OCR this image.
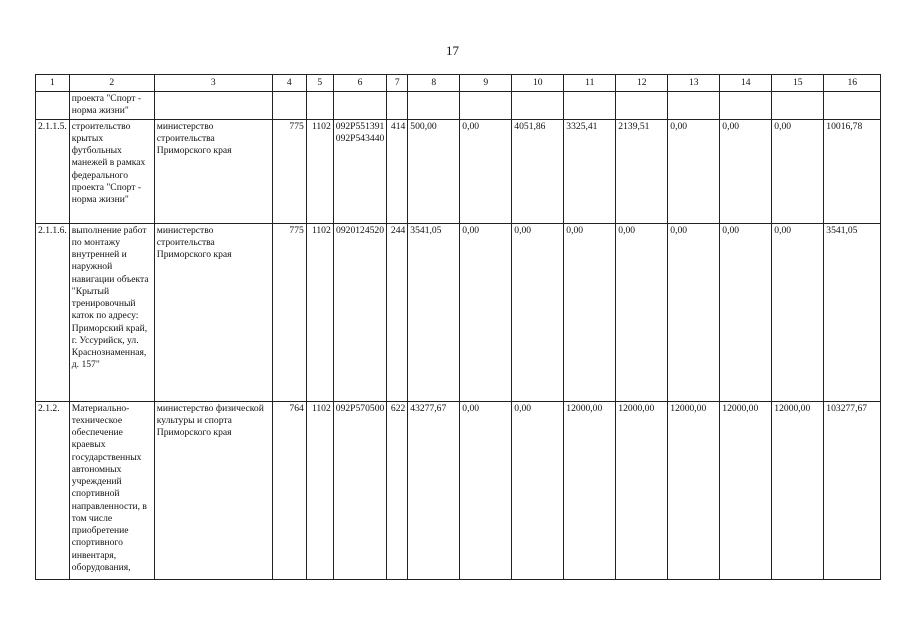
17
1	2	3	4	5	6	7	8	9	10	11	12	13	14	15	16
	проекта "Спорт - норма жизни"														
2.1.1.5.	строительство крытых футбольных манежей в рамках федерального проекта "Спорт - норма жизни"	министерство строительства Приморского края	775	1102	092P551391 092P543440	414	500,00	0,00	4051,86	3325,41	2139,51	0,00	0,00	0,00	10016,78
2.1.1.6.	выполнение работ по монтажу внутренней и наружной навигации объекта "Крытый тренировочный каток по адресу: Приморский край, г. Уссурийск, ул. Краснознаменная, д. 157"	министерство строительства Приморского края	775	1102	0920124520	244	3541,05	0,00	0,00	0,00	0,00	0,00	0,00	0,00	3541,05
2.1.2.	Материально-техническое обеспечение краевых государственных автономных учреждений спортивной направленности, в том числе приобретение спортивного инвентаря, оборудования,	министерство физической культуры и спорта Приморского края	764	1102	092P570500	622	43277,67	0,00	0,00	12000,00	12000,00	12000,00	12000,00	12000,00	103277,67
